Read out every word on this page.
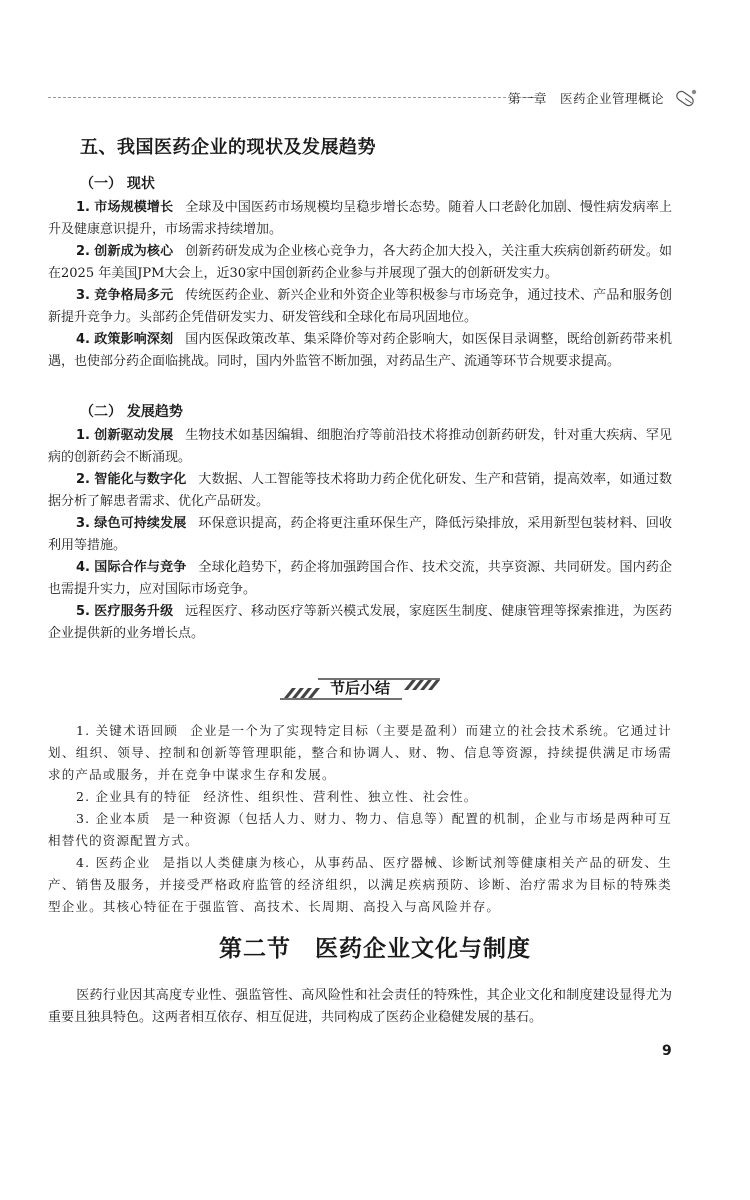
第一章　医药企业管理概论
五、我国医药企业的现状及发展趋势
（一） 现状
1. 市场规模增长 全球及中国医药市场规模均呈稳步增长态势。随着人口老龄化加剧、慢性病发病率上升及健康意识提升，市场需求持续增加。
2. 创新成为核心 创新药研发成为企业核心竞争力，各大药企加大投入，关注重大疾病创新药研发。如在2025 年美国JPM大会上，近30家中国创新药企业参与并展现了强大的创新研发实力。
3. 竞争格局多元 传统医药企业、新兴企业和外资企业等积极参与市场竞争，通过技术、产品和服务创新提升竞争力。头部药企凭借研发实力、研发管线和全球化布局巩固地位。
4. 政策影响深刻 国内医保政策改革、集采降价等对药企影响大，如医保目录调整，既给创新药带来机遇，也使部分药企面临挑战。同时，国内外监管不断加强，对药品生产、流通等环节合规要求提高。
（二） 发展趋势
1. 创新驱动发展 生物技术如基因编辑、细胞治疗等前沿技术将推动创新药研发，针对重大疾病、罕见病的创新药会不断涌现。
2. 智能化与数字化 大数据、人工智能等技术将助力药企优化研发、生产和营销，提高效率，如通过数据分析了解患者需求、优化产品研发。
3. 绿色可持续发展 环保意识提高，药企将更注重环保生产，降低污染排放，采用新型包装材料、回收利用等措施。
4. 国际合作与竞争 全球化趋势下，药企将加强跨国合作、技术交流，共享资源、共同研发。国内药企也需提升实力，应对国际市场竞争。
5. 医疗服务升级 远程医疗、移动医疗等新兴模式发展，家庭医生制度、健康管理等探索推进，为医药企业提供新的业务增长点。
节后小结
1. 关键术语回顾 企业是一个为了实现特定目标（主要是盈利）而建立的社会技术系统。它通过计划、组织、领导、控制和创新等管理职能，整合和协调人、财、物、信息等资源，持续提供满足市场需求的产品或服务，并在竞争中谋求生存和发展。
2. 企业具有的特征 经济性、组织性、营利性、独立性、社会性。
3. 企业本质 是一种资源（包括人力、财力、物力、信息等）配置的机制，企业与市场是两种可互相替代的资源配置方式。
4. 医药企业 是指以人类健康为核心，从事药品、医疗器械、诊断试剂等健康相关产品的研发、生产、销售及服务，并接受严格政府监管的经济组织，以满足疾病预防、诊断、治疗需求为目标的特殊类型企业。其核心特征在于强监管、高技术、长周期、高投入与高风险并存。
第二节　医药企业文化与制度
医药行业因其高度专业性、强监管性、高风险性和社会责任的特殊性，其企业文化和制度建设显得尤为重要且独具特色。这两者相互依存、相互促进，共同构成了医药企业稳健发展的基石。
9
